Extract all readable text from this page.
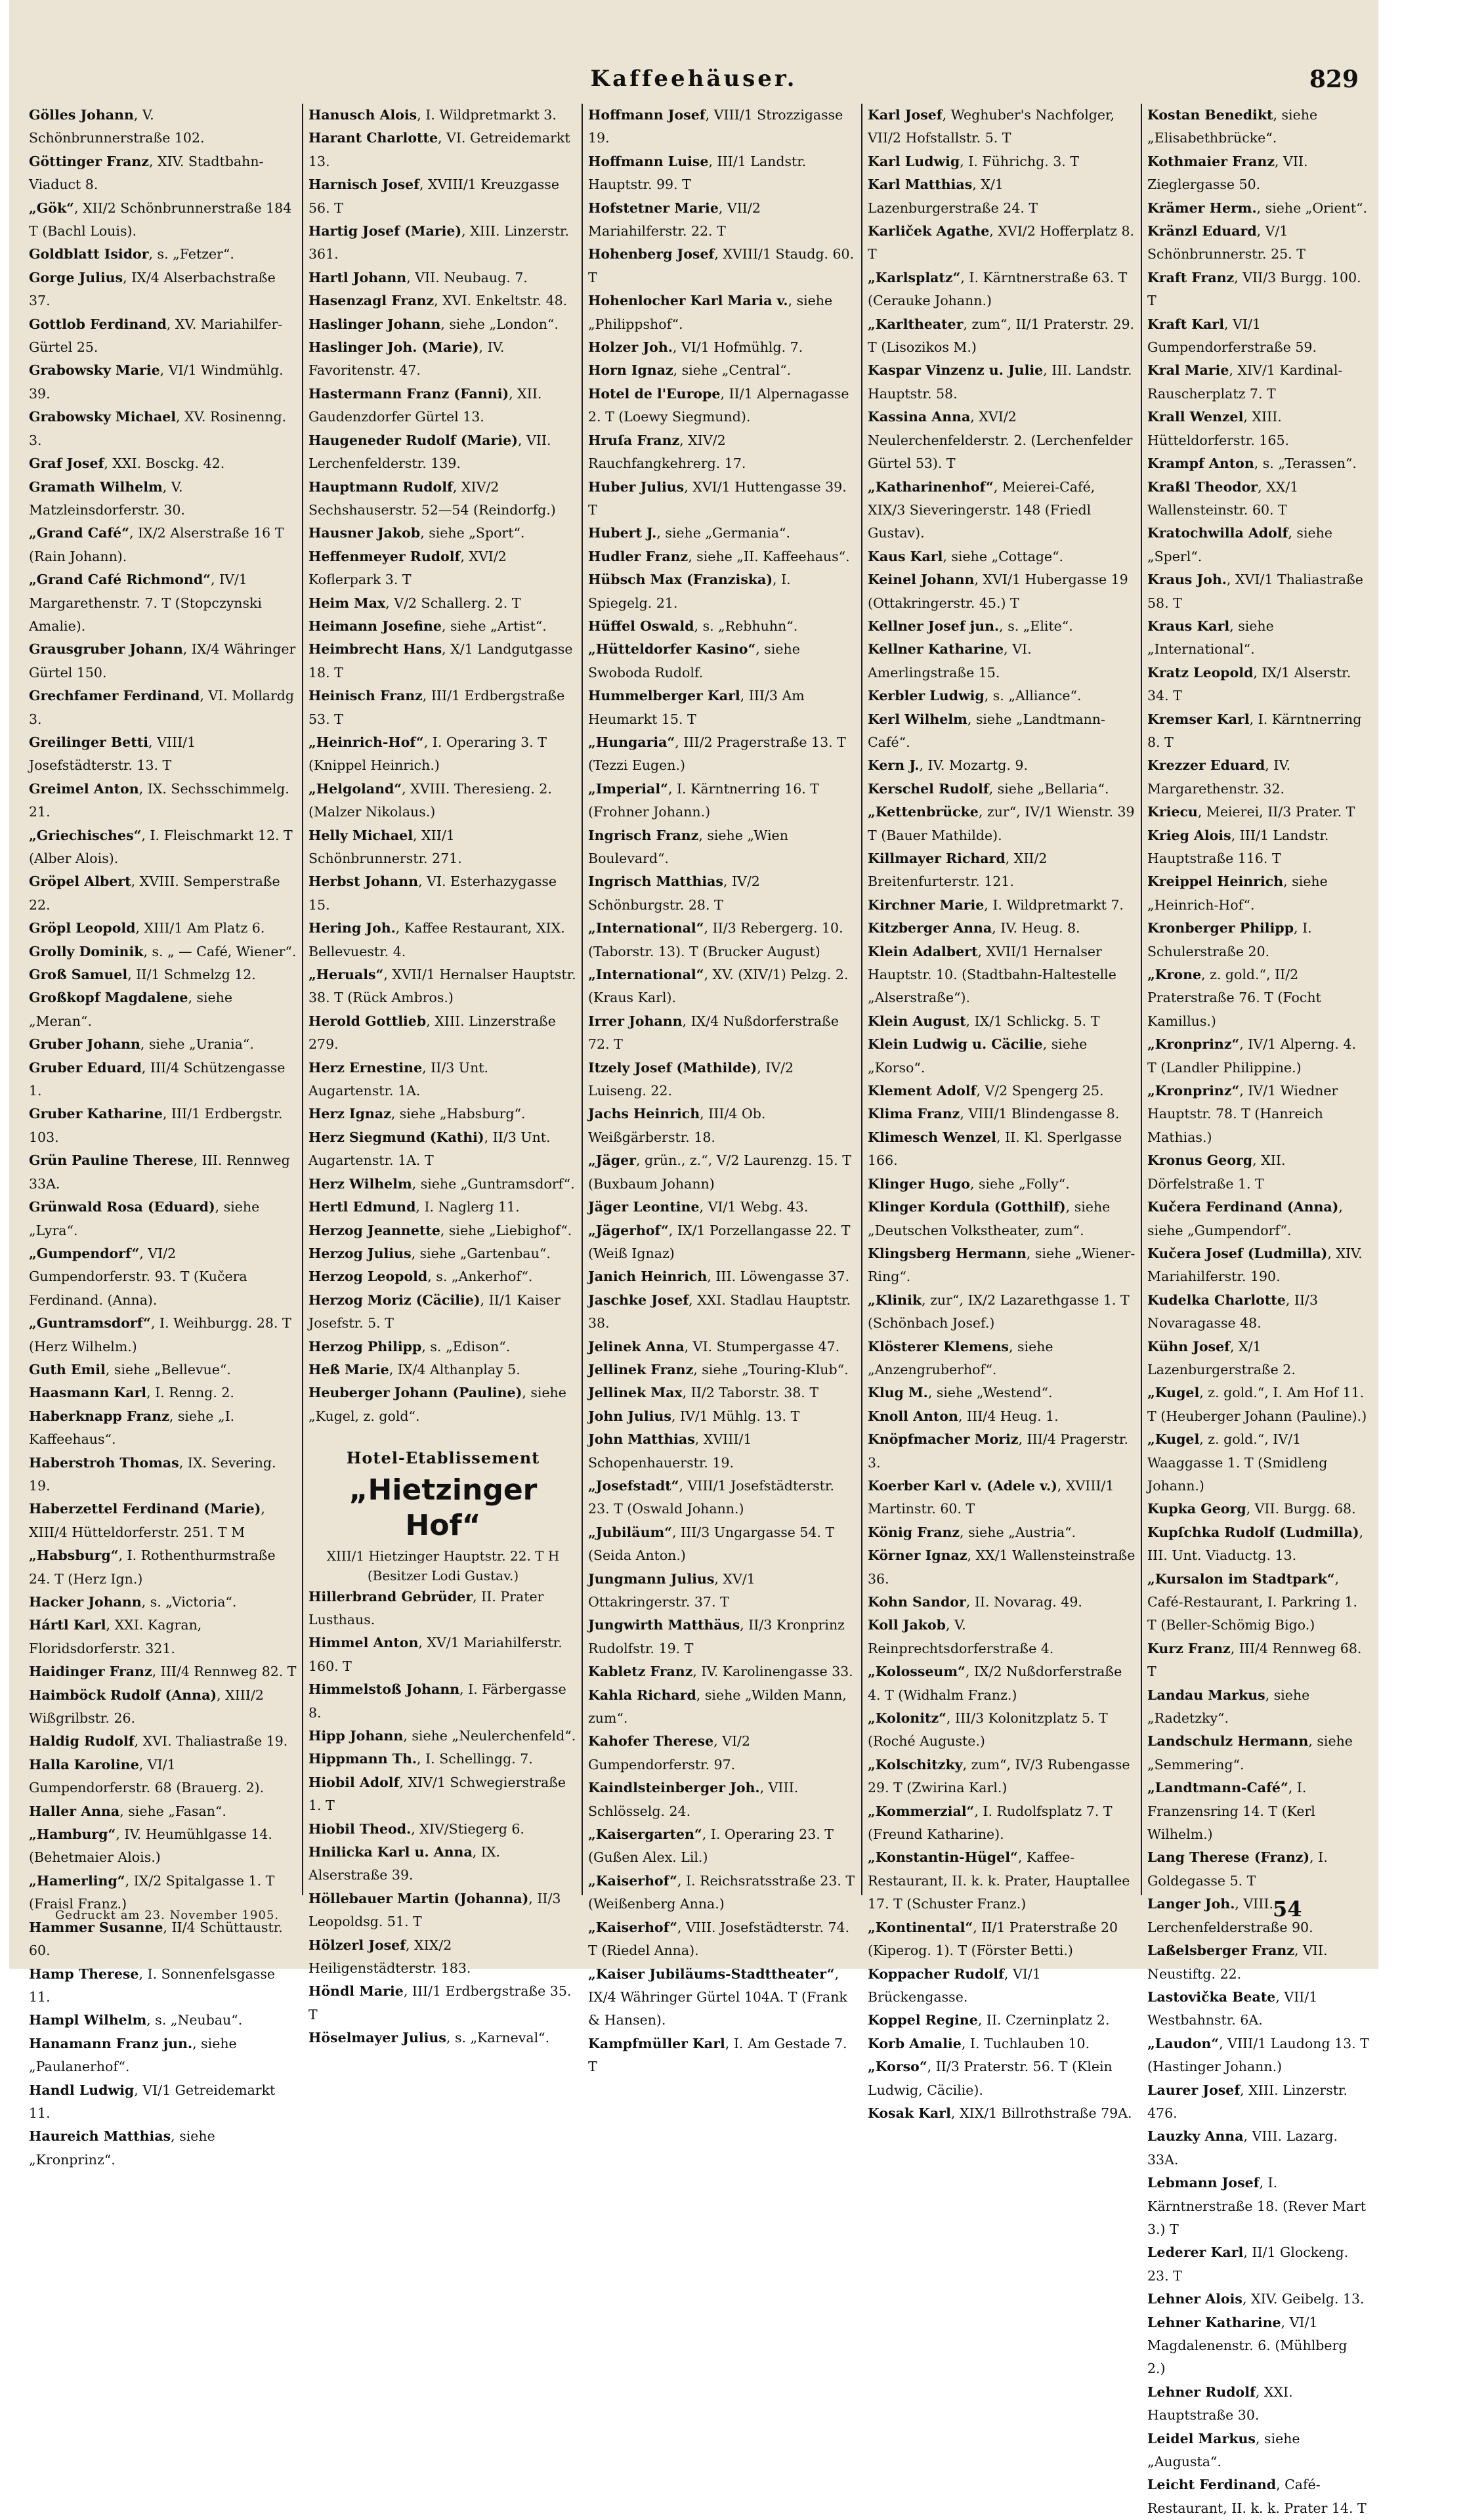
Kaffeehäuser.	829
Gölles Johann, V. Schönbrunnerstraße 102.
Göttinger Franz, XIV. Stadtbahn-Viaduct 8.
„Gök“, XII/2 Schönbrunnerstraße 184 T (Bachl Louis).
Goldblatt Isidor, s. „Fetzer“.
Gorge Julius, IX/4 Alserbachstraße 37.
Gottlob Ferdinand, XV. Mariahilfer-Gürtel 25.
Grabowsky Marie, VI/1 Windmühlg. 39.
Grabowsky Michael, XV. Rosinenng. 3.
Graf Josef, XXI. Bosckg. 42.
Gramath Wilhelm, V. Matzleinsdorferstr. 30.
„Grand Café“, IX/2 Alserstraße 16 T (Rain Johann).
„Grand Café Richmond“, IV/1 Margarethenstr. 7. T (Stopczynski Amalie).
Grausgruber Johann, IX/4 Währinger Gürtel 150.
Grechfamer Ferdinand, VI. Mollardg 3.
Greilinger Betti, VIII/1 Josefstädterstr. 13. T
Greimel Anton, IX. Sechsschimmelg. 21.
„Griechisches“, I. Fleischmarkt 12. T (Alber Alois).
Gröpel Albert, XVIII. Semperstraße 22.
Gröpl Leopold, XIII/1 Am Platz 6.
Grolly Dominik, s. „ — Café, Wiener“.
Groß Samuel, II/1 Schmelzg 12.
Großkopf Magdalene, siehe „Meran“.
Gruber Johann, siehe „Urania“.
Gruber Eduard, III/4 Schützengasse 1.
Gruber Katharine, III/1 Erdbergstr. 103.
Grün Pauline Therese, III. Rennweg 33A.
Grünwald Rosa (Eduard), siehe „Lyra“.
„Gumpendorf“, VI/2 Gumpendorferstr. 93. T (Kučera Ferdinand. (Anna).
„Guntramsdorf“, I. Weihburgg. 28. T (Herz Wilhelm.)
Guth Emil, siehe „Bellevue“.
Haasmann Karl, I. Renng. 2.
Haberknapp Franz, siehe „I. Kaffeehaus“.
Haberstroh Thomas, IX. Severing. 19.
Haberzettel Ferdinand (Marie), XIII/4 Hütteldorferstr. 251. T M
„Habsburg“, I. Rothenthurmstraße 24. T (Herz Ign.)
Hacker Johann, s. „Victoria“.
Hártl Karl, XXI. Kagran, Floridsdorferstr. 321.
Haidinger Franz, III/4 Rennweg 82. T
Haimböck Rudolf (Anna), XIII/2 Wißgrilbstr. 26.
Haldig Rudolf, XVI. Thaliastraße 19.
Halla Karoline, VI/1 Gumpendorferstr. 68 (Brauerg. 2).
Haller Anna, siehe „Fasan“.
„Hamburg“, IV. Heumühlgasse 14. (Behetmaier Alois.)
„Hamerling“, IX/2 Spitalgasse 1. T (Fraisl Franz.)
Hammer Susanne, II/4 Schüttaustr. 60.
Hamp Therese, I. Sonnenfelsgasse 11.
Hampl Wilhelm, s. „Neubau“.
Hanamann Franz jun., siehe „Paulanerhof“.
Handl Ludwig, VI/1 Getreidemarkt 11.
Haureich Matthias, siehe „Kronprinz“.
Hanusch Alois, I. Wildpretmarkt 3.
Harant Charlotte, VI. Getreidemarkt 13.
Harnisch Josef, XVIII/1 Kreuzgasse 56. T
Hartig Josef (Marie), XIII. Linzerstr. 361.
Hartl Johann, VII. Neubaug. 7.
Hasenzagl Franz, XVI. Enkeltstr. 48.
Haslinger Johann, siehe „London“.
Haslinger Joh. (Marie), IV. Favoritenstr. 47.
Hastermann Franz (Fanni), XII. Gaudenzdorfer Gürtel 13.
Haugeneder Rudolf (Marie), VII. Lerchenfelderstr. 139.
Hauptmann Rudolf, XIV/2 Sechshauserstr. 52—54 (Reindorfg.)
Hausner Jakob, siehe „Sport“.
Heffenmeyer Rudolf, XVI/2 Koflerpark 3. T
Heim Max, V/2 Schallerg. 2. T
Heimann Josefine, siehe „Artist“.
Heimbrecht Hans, X/1 Landgutgasse 18. T
Heinisch Franz, III/1 Erdbergstraße 53. T
„Heinrich-Hof“, I. Operaring 3. T (Knippel Heinrich.)
„Helgoland“, XVIII. Theresieng. 2. (Malzer Nikolaus.)
Helly Michael, XII/1 Schönbrunnerstr. 271.
Herbst Johann, VI. Esterhazygasse 15.
Hering Joh., Kaffee Restaurant, XIX. Bellevuestr. 4.
„Heruals“, XVII/1 Hernalser Hauptstr. 38. T (Rück Ambros.)
Herold Gottlieb, XIII. Linzerstraße 279.
Herz Ernestine, II/3 Unt. Augartenstr. 1A.
Herz Ignaz, siehe „Habsburg“.
Herz Siegmund (Kathi), II/3 Unt. Augartenstr. 1A. T
Herz Wilhelm, siehe „Guntramsdorf“.
Hertl Edmund, I. Naglerg 11.
Herzog Jeannette, siehe „Liebighof“.
Herzog Julius, siehe „Gartenbau“.
Herzog Leopold, s. „Ankerhof“.
Herzog Moriz (Cäcilie), II/1 Kaiser Josefstr. 5. T
Herzog Philipp, s. „Edison“.
Heß Marie, IX/4 Althanplay 5.
Heuberger Johann (Pauline), siehe „Kugel, z. gold“.
Hotel-Etablissement
„Hietzinger Hof“
XIII/1 Hietzinger Hauptstr. 22. T H
(Besitzer Lodi Gustav.)
Hillerbrand Gebrüder, II. Prater Lusthaus.
Himmel Anton, XV/1 Mariahilferstr. 160. T
Himmelstoß Johann, I. Färbergasse 8.
Hipp Johann, siehe „Neulerchenfeld“.
Hippmann Th., I. Schellingg. 7.
Hiobil Adolf, XIV/1 Schwegierstraße 1. T
Hiobil Theod., XIV/Stiegerg 6.
Hnilicka Karl u. Anna, IX. Alserstraße 39.
Höllebauer Martin (Johanna), II/3 Leopoldsg. 51. T
Hölzerl Josef, XIX/2 Heiligenstädterstr. 183.
Höndl Marie, III/1 Erdbergstraße 35. T
Höselmayer Julius, s. „Karneval“.
Hoffmann Josef, VIII/1 Strozzigasse 19.
Hoffmann Luise, III/1 Landstr. Hauptstr. 99. T
Hofstetner Marie, VII/2 Mariahilferstr. 22. T
Hohenberg Josef, XVIII/1 Staudg. 60. T
Hohenlocher Karl Maria v., siehe „Philippshof“.
Holzer Joh., VI/1 Hofmühlg. 7.
Horn Ignaz, siehe „Central“.
Hotel de l'Europe, II/1 Alpernagasse 2. T (Loewy Siegmund).
Hruſa Franz, XIV/2 Rauchfangkehrerg. 17.
Huber Julius, XVI/1 Huttengasse 39. T
Hubert J., siehe „Germania“.
Hudler Franz, siehe „II. Kaffeehaus“.
Hübsch Max (Franziska), I. Spiegelg. 21.
Hüffel Oswald, s. „Rebhuhn“.
„Hütteldorfer Kasino“, siehe Swoboda Rudolf.
Hummelberger Karl, III/3 Am Heumarkt 15. T
„Hungaria“, III/2 Pragerstraße 13. T (Tezzi Eugen.)
„Imperial“, I. Kärntnerring 16. T (Frohner Johann.)
Ingrisch Franz, siehe „Wien Boulevard“.
Ingrisch Matthias, IV/2 Schönburgstr. 28. T
„International“, II/3 Rebergerg. 10. (Taborstr. 13). T (Brucker August)
„International“, XV. (XIV/1) Pelzg. 2. (Kraus Karl).
Irrer Johann, IX/4 Nußdorferstraße 72. T
Itzely Josef (Mathilde), IV/2 Luiseng. 22.
Jachs Heinrich, III/4 Ob. Weißgärberstr. 18.
„Jäger, grün., z.“, V/2 Laurenzg. 15. T (Buxbaum Johann)
Jäger Leontine, VI/1 Webg. 43.
„Jägerhof“, IX/1 Porzellangasse 22. T (Weiß Ignaz)
Janich Heinrich, III. Löwengasse 37.
Jaschke Josef, XXI. Stadlau Hauptstr. 38.
Jelinek Anna, VI. Stumpergasse 47.
Jellinek Franz, siehe „Touring-Klub“.
Jellinek Max, II/2 Taborstr. 38. T
John Julius, IV/1 Mühlg. 13. T
John Matthias, XVIII/1 Schopenhauerstr. 19.
„Josefstadt“, VIII/1 Josefstädterstr. 23. T (Oswald Johann.)
„Jubiläum“, III/3 Ungargasse 54. T (Seida Anton.)
Jungmann Julius, XV/1 Ottakringerstr. 37. T
Jungwirth Matthäus, II/3 Kronprinz Rudolfstr. 19. T
Kabletz Franz, IV. Karolinengasse 33.
Kahla Richard, siehe „Wilden Mann, zum“.
Kahofer Therese, VI/2 Gumpendorferstr. 97.
Kaindlsteinberger Joh., VIII. Schlösselg. 24.
„Kaisergarten“, I. Operaring 23. T (Gußen Alex. Lil.)
„Kaiserhof“, I. Reichsratsstraße 23. T (Weißenberg Anna.)
„Kaiserhof“, VIII. Josefstädterstr. 74. T (Riedel Anna).
„Kaiser Jubiläums-Stadttheater“, IX/4 Währinger Gürtel 104A. T (Frank & Hansen).
Kampfmüller Karl, I. Am Gestade 7. T
Karl Josef, Weghuber's Nachfolger, VII/2 Hofstallstr. 5. T
Karl Ludwig, I. Führichg. 3. T
Karl Matthias, X/1 Lazenburgerstraße 24. T
Karliček Agathe, XVI/2 Hofferplatz 8. T
„Karlsplatz“, I. Kärntnerstraße 63. T (Cerauke Johann.)
„Karltheater, zum“, II/1 Praterstr. 29. T (Lisozikos M.)
Kaspar Vinzenz u. Julie, III. Landstr. Hauptstr. 58.
Kassina Anna, XVI/2 Neulerchenfelderstr. 2. (Lerchenfelder Gürtel 53). T
„Katharinenhof“, Meierei-Café, XIX/3 Sieveringerstr. 148 (Friedl Gustav).
Kaus Karl, siehe „Cottage“.
Keinel Johann, XVI/1 Hubergasse 19 (Ottakringerstr. 45.) T
Kellner Josef jun., s. „Elite“.
Kellner Katharine, VI. Amerlingstraße 15.
Kerbler Ludwig, s. „Alliance“.
Kerl Wilhelm, siehe „Landtmann-Café“.
Kern J., IV. Mozartg. 9.
Kerschel Rudolf, siehe „Bellaria“.
„Kettenbrücke, zur“, IV/1 Wienstr. 39 T (Bauer Mathilde).
Killmayer Richard, XII/2 Breitenfurterstr. 121.
Kirchner Marie, I. Wildpretmarkt 7.
Kitzberger Anna, IV. Heug. 8.
Klein Adalbert, XVII/1 Hernalser Hauptstr. 10. (Stadtbahn-Haltestelle „Alserstraße“).
Klein August, IX/1 Schlickg. 5. T
Klein Ludwig u. Cäcilie, siehe „Korso“.
Klement Adolf, V/2 Spengerg 25.
Klima Franz, VIII/1 Blindengasse 8.
Klimesch Wenzel, II. Kl. Sperlgasse 166.
Klinger Hugo, siehe „Folly“.
Klinger Kordula (Gotthilf), siehe „Deutschen Volkstheater, zum“.
Klingsberg Hermann, siehe „Wiener-Ring“.
„Klinik, zur“, IX/2 Lazarethgasse 1. T (Schönbach Josef.)
Klösterer Klemens, siehe „Anzengruberhof“.
Klug M., siehe „Westend“.
Knoll Anton, III/4 Heug. 1.
Knöpfmacher Moriz, III/4 Pragerstr. 3.
Koerber Karl v. (Adele v.), XVIII/1 Martinstr. 60. T
König Franz, siehe „Austria“.
Körner Ignaz, XX/1 Wallensteinstraße 36.
Kohn Sandor, II. Novarag. 49.
Koll Jakob, V. Reinprechtsdorferstraße 4.
„Kolosseum“, IX/2 Nußdorferstraße 4. T (Widhalm Franz.)
„Kolonitz“, III/3 Kolonitzplatz 5. T (Roché Auguste.)
„Kolschitzky, zum“, IV/3 Rubengasse 29. T (Zwirina Karl.)
„Kommerzial“, I. Rudolfsplatz 7. T (Freund Katharine).
„Konstantin-Hügel“, Kaffee-Restaurant, II. k. k. Prater, Hauptallee 17. T (Schuster Franz.)
„Kontinental“, II/1 Praterstraße 20 (Kiperog. 1). T (Förster Betti.)
Koppacher Rudolf, VI/1 Brückengasse.
Koppel Regine, II. Czerninplatz 2.
Korb Amalie, I. Tuchlauben 10.
„Korso“, II/3 Praterstr. 56. T (Klein Ludwig, Cäcilie).
Kosak Karl, XIX/1 Billrothstraße 79A.
Kostan Benedikt, siehe „Elisabethbrücke“.
Kothmaier Franz, VII. Zieglergasse 50.
Krämer Herm., siehe „Orient“.
Kränzl Eduard, V/1 Schönbrunnerstr. 25. T
Kraft Franz, VII/3 Burgg. 100. T
Kraft Karl, VI/1 Gumpendorferstraße 59.
Kral Marie, XIV/1 Kardinal-Rauscherplatz 7. T
Krall Wenzel, XIII. Hütteldorferstr. 165.
Krampf Anton, s. „Terassen“.
Kraßl Theodor, XX/1 Wallensteinstr. 60. T
Kratochwilla Adolf, siehe „Sperl“.
Kraus Joh., XVI/1 Thaliastraße 58. T
Kraus Karl, siehe „International“.
Kratz Leopold, IX/1 Alserstr. 34. T
Kremser Karl, I. Kärntnerring 8. T
Krezzer Eduard, IV. Margarethenstr. 32.
Kriecu, Meierei, II/3 Prater. T
Krieg Alois, III/1 Landstr. Hauptstraße 116. T
Kreippel Heinrich, siehe „Heinrich-Hof“.
Kronberger Philipp, I. Schulerstraße 20.
„Krone, z. gold.“, II/2 Praterstraße 76. T (Focht Kamillus.)
„Kronprinz“, IV/1 Alperng. 4. T (Landler Philippine.)
„Kronprinz“, IV/1 Wiedner Hauptstr. 78. T (Hanreich Mathias.)
Kronus Georg, XII. Dörfelstraße 1. T
Kučera Ferdinand (Anna), siehe „Gumpendorf“.
Kučera Josef (Ludmilla), XIV. Mariahilferstr. 190.
Kudelka Charlotte, II/3 Novaragasse 48.
Kühn Josef, X/1 Lazenburgerstraße 2.
„Kugel, z. gold.“, I. Am Hof 11. T (Heuberger Johann (Pauline).)
„Kugel, z. gold.“, IV/1 Waaggasse 1. T (Smidleng Johann.)
Kupka Georg, VII. Burgg. 68.
Kupſchka Rudolf (Ludmilla), III. Unt. Viaductg. 13.
„Kursalon im Stadtpark“, Café-Restaurant, I. Parkring 1. T (Beller-Schömig Bigo.)
Kurz Franz, III/4 Rennweg 68. T
Landau Markus, siehe „Radetzky“.
Landschulz Hermann, siehe „Semmering“.
„Landtmann-Café“, I. Franzensring 14. T (Kerl Wilhelm.)
Lang Therese (Franz), I. Goldegasse 5. T
Langer Joh., VIII. Lerchenfelderstraße 90.
Laßelsberger Franz, VII. Neustiftg. 22.
Lastovička Beate, VII/1 Westbahnstr. 6A.
„Laudon“, VIII/1 Laudong 13. T (Hastinger Johann.)
Laurer Josef, XIII. Linzerstr. 476.
Lauzky Anna, VIII. Lazarg. 33A.
Lebmann Josef, I. Kärntnerstraße 18. (Rever Mart 3.) T
Lederer Karl, II/1 Glockeng. 23. T
Lehner Alois, XIV. Geibelg. 13.
Lehner Katharine, VI/1 Magdalenenstr. 6. (Mühlberg 2.)
Lehner Rudolf, XXI. Hauptstraße 30.
Leidel Markus, siehe „Augusta“.
Leicht Ferdinand, Café-Restaurant, II. k. k. Prater 14. T
Gedruckt am 23. November 1905.	54
